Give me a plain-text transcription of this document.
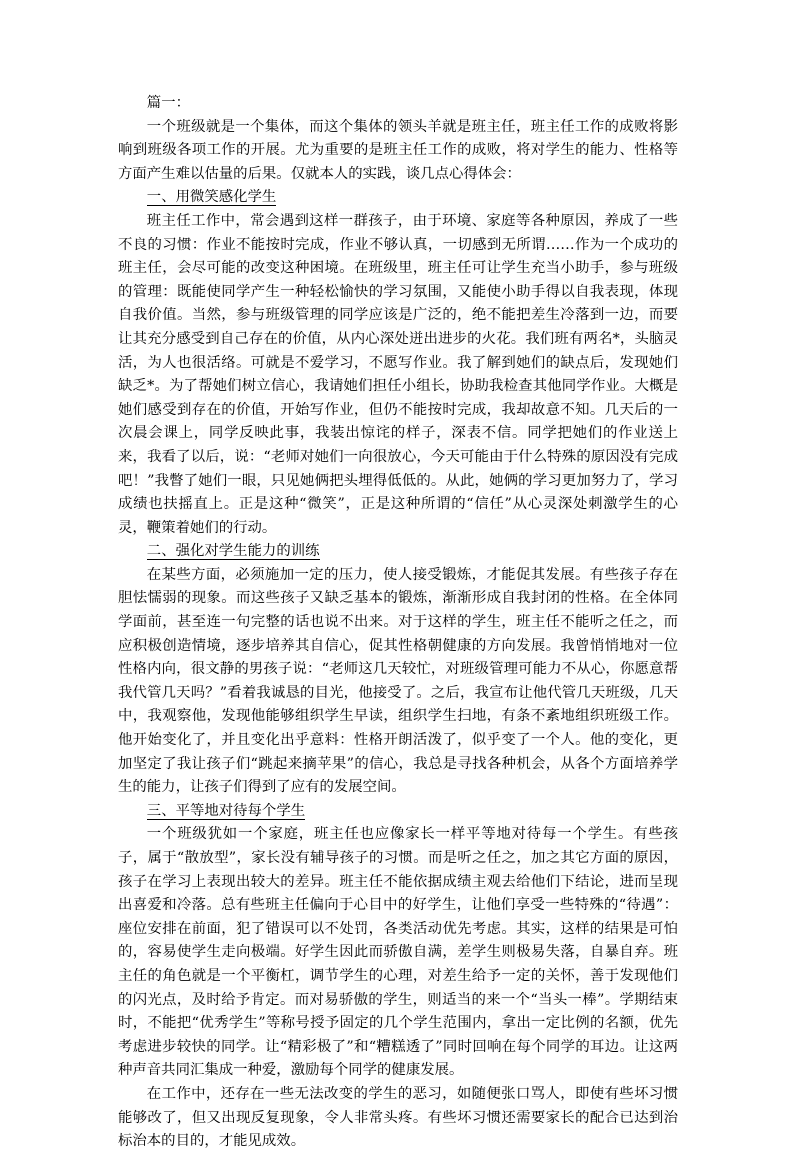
篇一：

一个班级就是一个集体，而这个集体的领头羊就是班主任，班主任工作的成败将影响到班级各项工作的开展。尤为重要的是班主任工作的成败，将对学生的能力、性格等方面产生难以估量的后果。仅就本人的实践，谈几点心得体会：

一、用微笑感化学生

班主任工作中，常会遇到这样一群孩子，由于环境、家庭等各种原因，养成了一些不良的习惯：作业不能按时完成，作业不够认真，一切感到无所谓……作为一个成功的班主任，会尽可能的改变这种困境。在班级里，班主任可让学生充当小助手，参与班级的管理：既能使同学产生一种轻松愉快的学习氛围，又能使小助手得以自我表现，体现自我价值。当然，参与班级管理的同学应该是广泛的，绝不能把差生冷落到一边，而要让其充分感受到自己存在的价值，从内心深处迸出进步的火花。我们班有两名*，头脑灵活，为人也很活络。可就是不爱学习，不愿写作业。我了解到她们的缺点后，发现她们缺乏*。为了帮她们树立信心，我请她们担任小组长，协助我检查其他同学作业。大概是她们感受到存在的价值，开始写作业，但仍不能按时完成，我却故意不知。几天后的一次晨会课上，同学反映此事，我装出惊诧的样子，深表不信。同学把她们的作业送上来，我看了以后，说：“老师对她们一向很放心，今天可能由于什么特殊的原因没有完成吧！”我瞥了她们一眼，只见她俩把头埋得低低的。从此，她俩的学习更加努力了，学习成绩也扶摇直上。正是这种“微笑”，正是这种所谓的“信任”从心灵深处刺激学生的心灵，鞭策着她们的行动。

二、强化对学生能力的训练

在某些方面，必须施加一定的压力，使人接受锻炼，才能促其发展。有些孩子存在胆怯懦弱的现象。而这些孩子又缺乏基本的锻炼，渐渐形成自我封闭的性格。在全体同学面前，甚至连一句完整的话也说不出来。对于这样的学生，班主任不能听之任之，而应积极创造情境，逐步培养其自信心，促其性格朝健康的方向发展。我曾悄悄地对一位性格内向，很文静的男孩子说：“老师这几天较忙，对班级管理可能力不从心，你愿意帮我代管几天吗？”看着我诚恳的目光，他接受了。之后，我宣布让他代管几天班级，几天中，我观察他，发现他能够组织学生早读，组织学生扫地，有条不紊地组织班级工作。他开始变化了，并且变化出乎意料：性格开朗活泼了，似乎变了一个人。他的变化，更加坚定了我让孩子们“跳起来摘苹果”的信心，我总是寻找各种机会，从各个方面培养学生的能力，让孩子们得到了应有的发展空间。

三、平等地对待每个学生

一个班级犹如一个家庭，班主任也应像家长一样平等地对待每一个学生。有些孩子，属于“散放型”，家长没有辅导孩子的习惯。而是听之任之，加之其它方面的原因，孩子在学习上表现出较大的差异。班主任不能依据成绩主观去给他们下结论，进而呈现出喜爱和冷落。总有些班主任偏向于心目中的好学生，让他们享受一些特殊的“待遇”：座位安排在前面，犯了错误可以不处罚，各类活动优先考虑。其实，这样的结果是可怕的，容易使学生走向极端。好学生因此而骄傲自满，差学生则极易失落，自暴自弃。班主任的角色就是一个平衡杠，调节学生的心理，对差生给予一定的关怀，善于发现他们的闪光点，及时给予肯定。而对易骄傲的学生，则适当的来一个“当头一棒”。学期结束时，不能把“优秀学生”等称号授予固定的几个学生范围内，拿出一定比例的名额，优先考虑进步较快的同学。让“精彩极了”和“糟糕透了”同时回响在每个同学的耳边。让这两种声音共同汇集成一种爱，激励每个同学的健康发展。

在工作中，还存在一些无法改变的学生的恶习，如随便张口骂人，即使有些坏习惯能够改了，但又出现反复现象，令人非常头疼。有些坏习惯还需要家长的配合已达到治标治本的目的，才能见成效。
